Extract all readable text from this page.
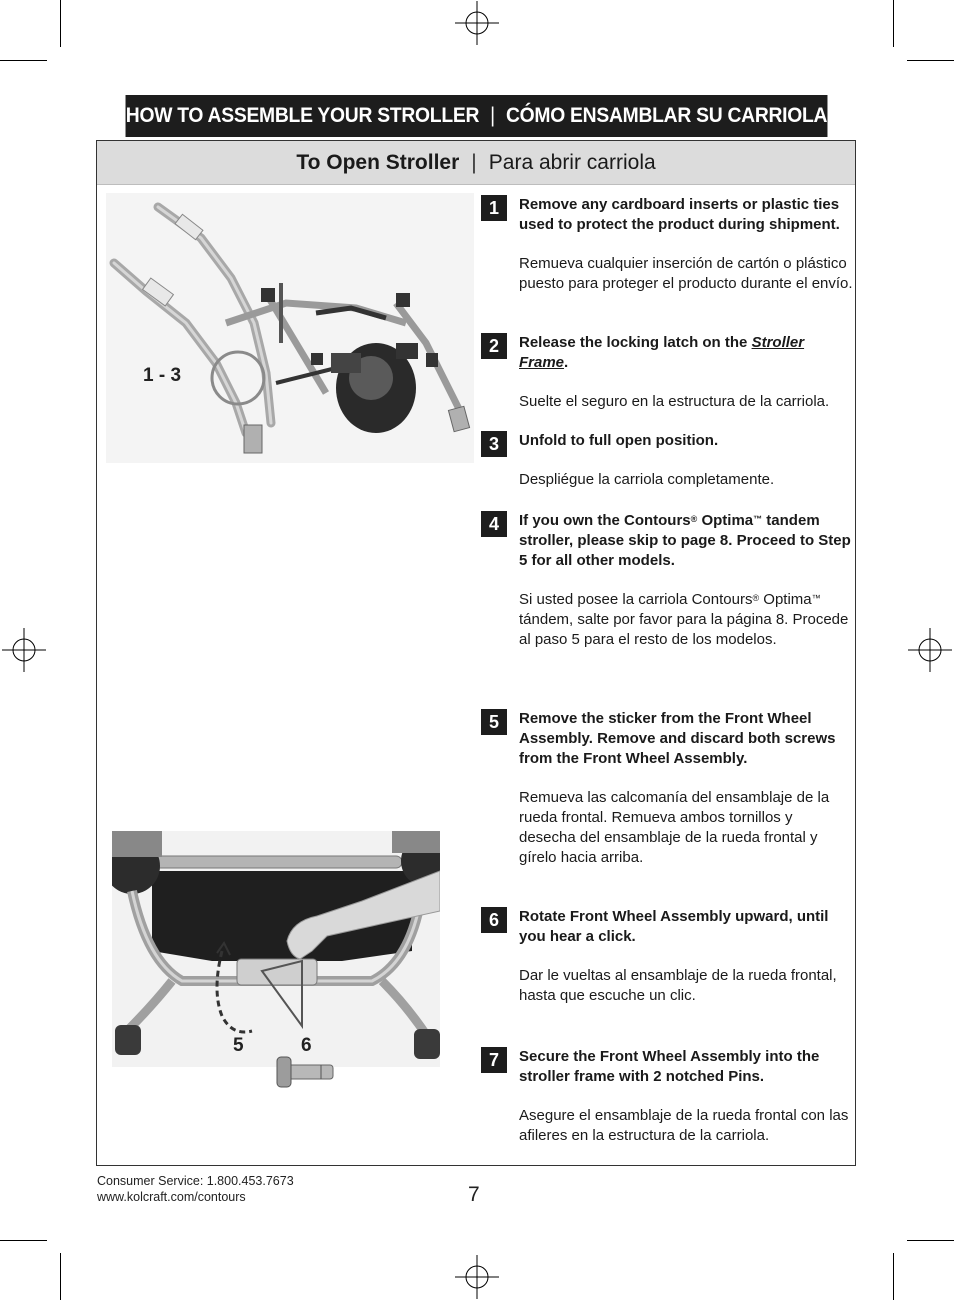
HOW TO ASSEMBLE YOUR STROLLER | CÓMO ENSAMBLAR SU CARRIOLA
To Open Stroller | Para abrir carriola
1 - 3
5	6
1	Remove any cardboard inserts or plastic ties used to protect the product during shipment.

Remueva cualquier inserción de cartón o plástico puesto para proteger el producto durante el envío.

2	Release the locking latch on the Stroller Frame.

Suelte el seguro en la estructura de la carriola.

3	Unfold to full open position.

Despliégue la carriola completamente.

4	If you own the Contours® Optima™ tandem stroller, please skip to page 8. Proceed to Step 5 for all other models.

Si usted posee la carriola Contours® Optima™ tándem, salte por favor para la página 8. Procede al paso 5 para el resto de los modelos.

5	Remove the sticker from the Front Wheel Assembly. Remove and discard both screws from the Front Wheel Assembly.

Remueva las calcomanía del ensamblaje de la rueda frontal. Remueva ambos tornillos y desecha del ensamblaje de la rueda frontal y gírelo hacia arriba.

6	Rotate Front Wheel Assembly upward, until you hear a click.

Dar le vueltas al ensamblaje de la rueda frontal, hasta que escuche un clic.

7	Secure the Front Wheel Assembly into the stroller frame with 2 notched Pins.

Asegure el ensamblaje de la rueda frontal con las afileres en la estructura de la carriola.

Consumer Service: 1.800.453.7673
www.kolcraft.com/contours	7
